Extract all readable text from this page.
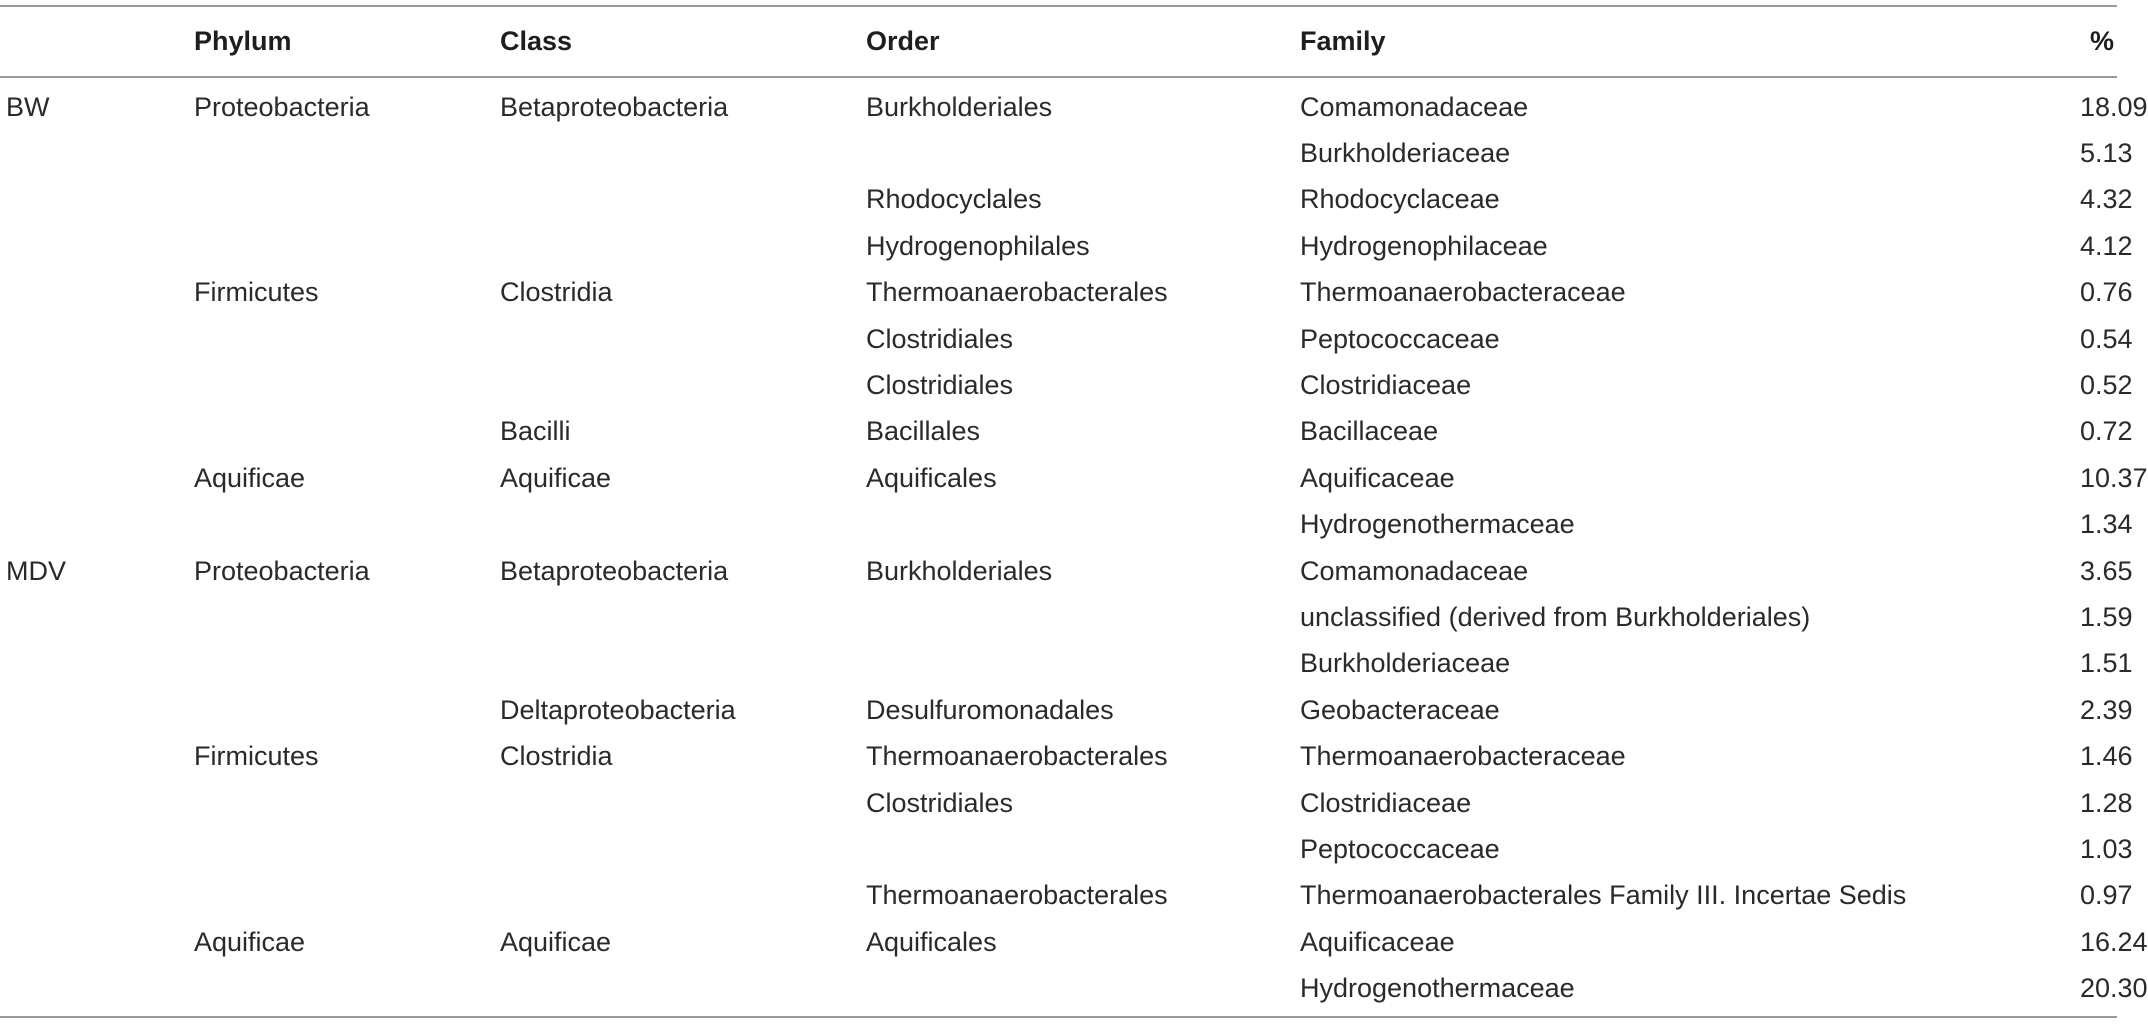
	Phylum	Class	Order	Family	%
BW	Proteobacteria	Betaproteobacteria	Burkholderiales	Comamonadaceae	18.09
				Burkholderiaceae	5.13
			Rhodocyclales	Rhodocyclaceae	4.32
			Hydrogenophilales	Hydrogenophilaceae	4.12
	Firmicutes	Clostridia	Thermoanaerobacterales	Thermoanaerobacteraceae	0.76
			Clostridiales	Peptococcaceae	0.54
			Clostridiales	Clostridiaceae	0.52
		Bacilli	Bacillales	Bacillaceae	0.72
	Aquificae	Aquificae	Aquificales	Aquificaceae	10.37
				Hydrogenothermaceae	1.34
MDV	Proteobacteria	Betaproteobacteria	Burkholderiales	Comamonadaceae	3.65
				unclassified (derived from Burkholderiales)	1.59
				Burkholderiaceae	1.51
		Deltaproteobacteria	Desulfuromonadales	Geobacteraceae	2.39
	Firmicutes	Clostridia	Thermoanaerobacterales	Thermoanaerobacteraceae	1.46
			Clostridiales	Clostridiaceae	1.28
				Peptococcaceae	1.03
			Thermoanaerobacterales	Thermoanaerobacterales Family III. Incertae Sedis	0.97
	Aquificae	Aquificae	Aquificales	Aquificaceae	16.24
				Hydrogenothermaceae	20.30
